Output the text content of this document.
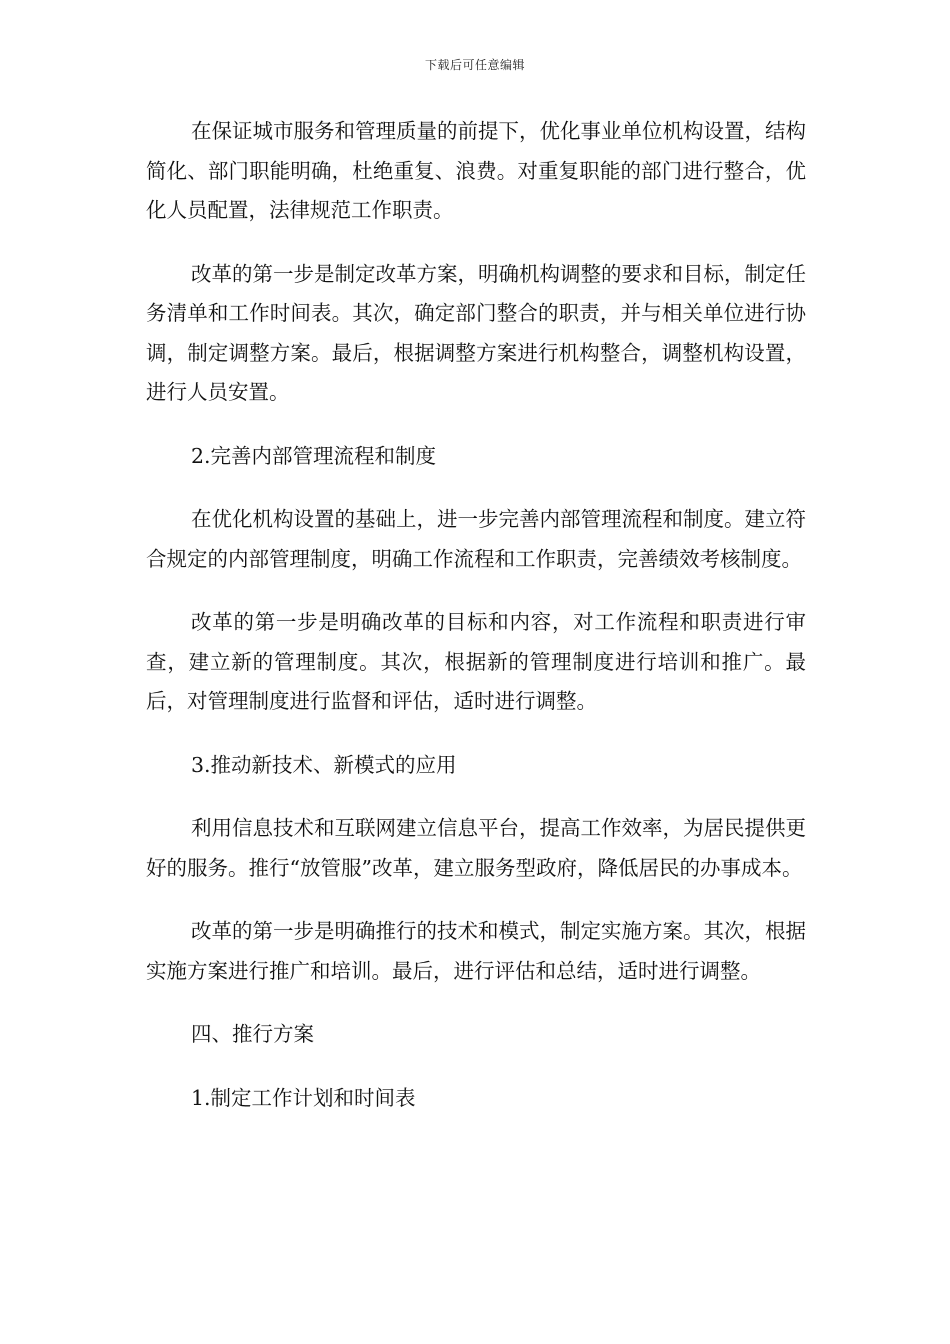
下载后可任意编辑

在保证城市服务和管理质量的前提下，优化事业单位机构设置，结构简化、部门职能明确，杜绝重复、浪费。对重复职能的部门进行整合，优化人员配置，法律规范工作职责。

改革的第一步是制定改革方案，明确机构调整的要求和目标，制定任务清单和工作时间表。其次，确定部门整合的职责，并与相关单位进行协调，制定调整方案。最后，根据调整方案进行机构整合，调整机构设置，进行人员安置。

2.完善内部管理流程和制度

在优化机构设置的基础上，进一步完善内部管理流程和制度。建立符合规定的内部管理制度，明确工作流程和工作职责，完善绩效考核制度。

改革的第一步是明确改革的目标和内容，对工作流程和职责进行审查，建立新的管理制度。其次，根据新的管理制度进行培训和推广。最后，对管理制度进行监督和评估，适时进行调整。

3.推动新技术、新模式的应用

利用信息技术和互联网建立信息平台，提高工作效率，为居民提供更好的服务。推行“放管服”改革，建立服务型政府，降低居民的办事成本。

改革的第一步是明确推行的技术和模式，制定实施方案。其次，根据实施方案进行推广和培训。最后，进行评估和总结，适时进行调整。

四、推行方案

1.制定工作计划和时间表
